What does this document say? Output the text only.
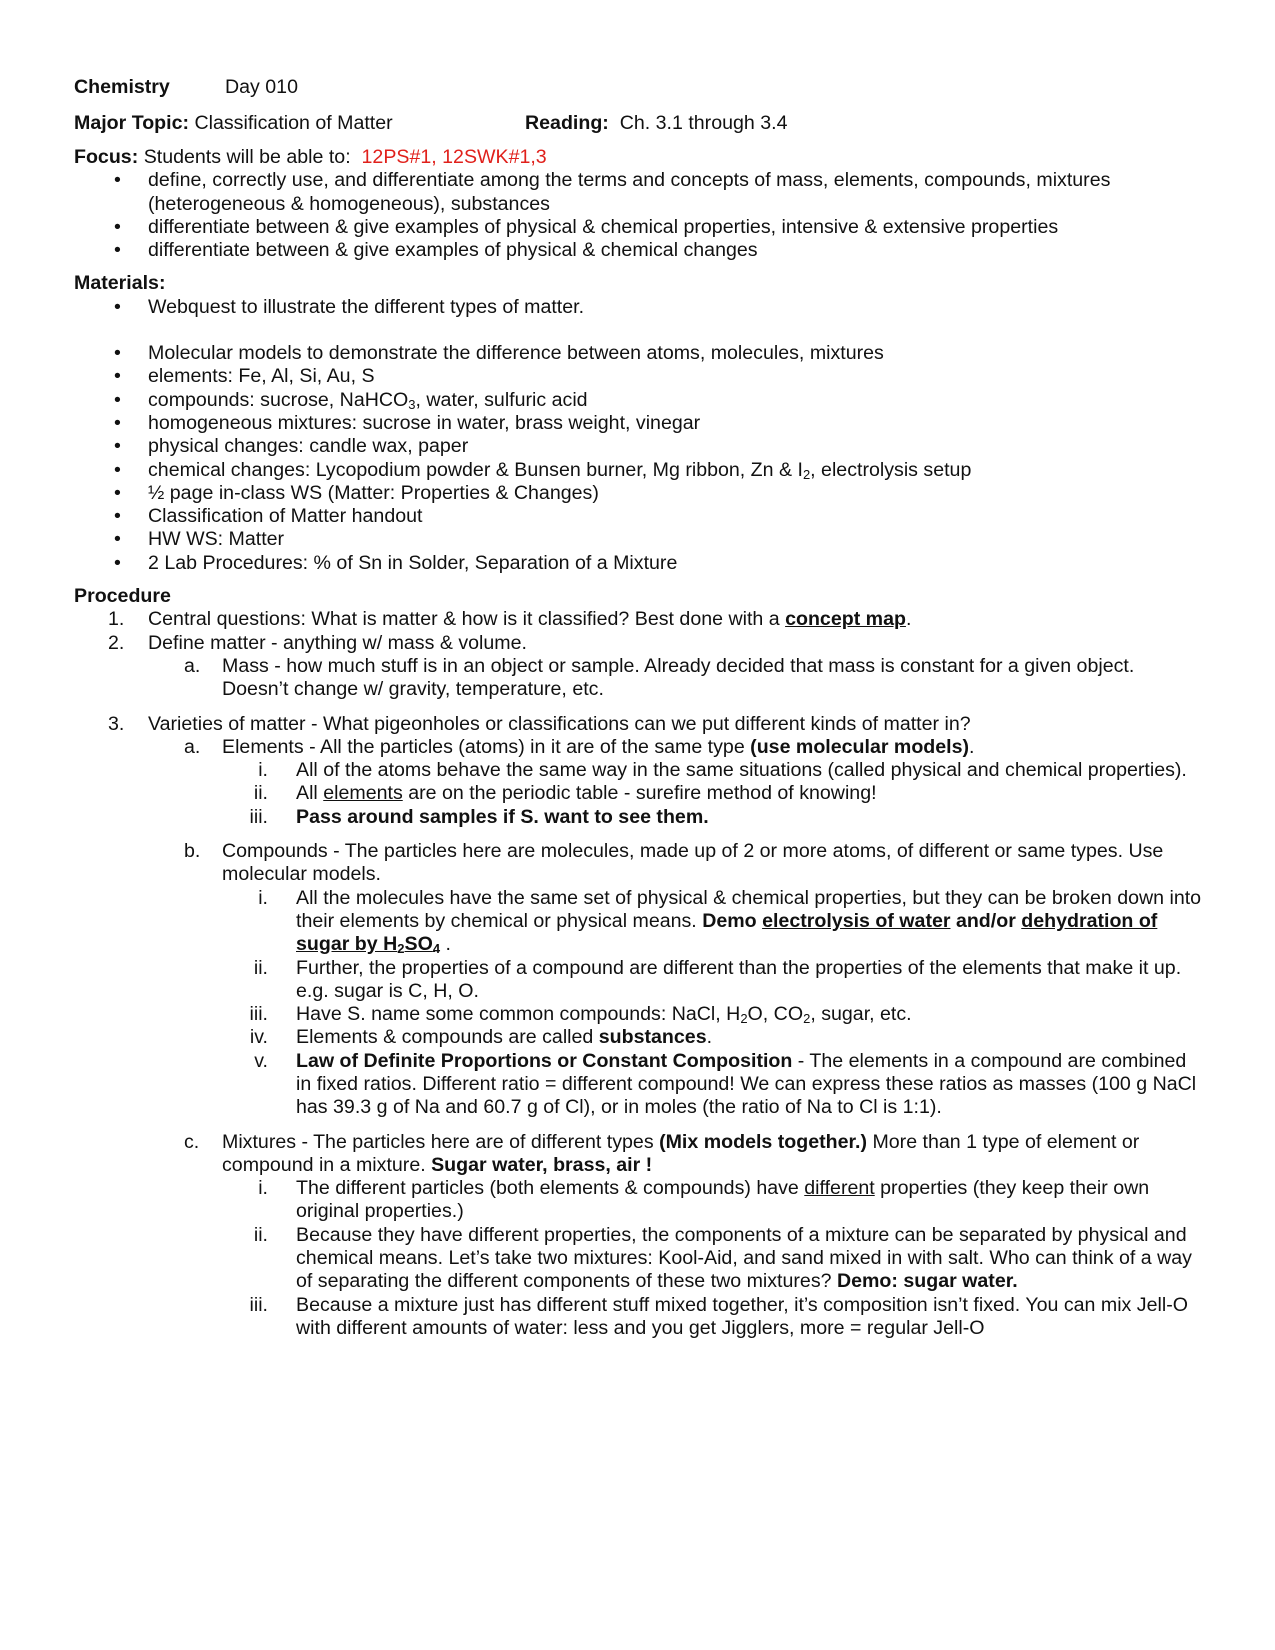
Chemistry	Day 010
Major Topic: Classification of Matter	Reading: Ch. 3.1 through 3.4
Focus: Students will be able to: 12PS#1, 12SWK#1,3
• define, correctly use, and differentiate among the terms and concepts of mass, elements, compounds, mixtures (heterogeneous & homogeneous), substances
• differentiate between & give examples of physical & chemical properties, intensive & extensive properties
• differentiate between & give examples of physical & chemical changes
Materials:
• Webquest to illustrate the different types of matter.
• Molecular models to demonstrate the difference between atoms, molecules, mixtures
• elements: Fe, Al, Si, Au, S
• compounds: sucrose, NaHCO$_3$, water, sulfuric acid
• homogeneous mixtures: sucrose in water, brass weight, vinegar
• physical changes: candle wax, paper
• chemical changes: Lycopodium powder & Bunsen burner, Mg ribbon, Zn & $I_2$, electrolysis setup
• ½ page in-class WS (Matter: Properties & Changes)
• Classification of Matter handout
• HW WS: Matter
• 2 Lab Procedures: % of Sn in Solder, Separation of a Mixture
Procedure
1. Central questions: What is matter & how is it classified? Best done with a concept map.
2. Define matter - anything w/ mass & volume.
a. Mass - how much stuff is in an object or sample. Already decided that mass is constant for a given object. Doesn’t change w/ gravity, temperature, etc.
3. Varieties of matter - What pigeonholes or classifications can we put different kinds of matter in?
a. Elements - All the particles (atoms) in it are of the same type (use molecular models).
i. All of the atoms behave the same way in the same situations (called physical and chemical properties).
ii. All elements are on the periodic table - surefire method of knowing!
iii. Pass around samples if S. want to see them.
b. Compounds - The particles here are molecules, made up of 2 or more atoms, of different or same types. Use molecular models.
i. All the molecules have the same set of physical & chemical properties, but they can be broken down into their elements by chemical or physical means. Demo electrolysis of water and/or dehydration of sugar by $H_2SO_4$ .
ii. Further, the properties of a compound are different than the properties of the elements that make it up. e.g. sugar is C, H, O.
iii. Have S. name some common compounds: NaCl, $H_2O$, $CO_2$, sugar, etc.
iv. Elements & compounds are called substances.
v. Law of Definite Proportions or Constant Composition - The elements in a compound are combined in fixed ratios. Different ratio = different compound! We can express these ratios as masses (100 g NaCl has 39.3 g of Na and 60.7 g of Cl), or in moles (the ratio of Na to Cl is 1:1).
c. Mixtures - The particles here are of different types (Mix models together.) More than 1 type of element or compound in a mixture. Sugar water, brass, air !
i. The different particles (both elements & compounds) have different properties (they keep their own original properties.)
ii. Because they have different properties, the components of a mixture can be separated by physical and chemical means. Let’s take two mixtures: Kool-Aid, and sand mixed in with salt. Who can think of a way of separating the different components of these two mixtures? Demo: sugar water.
iii. Because a mixture just has different stuff mixed together, it’s composition isn’t fixed. You can mix Jell-O with different amounts of water: less and you get Jigglers, more = regular Jell-O
